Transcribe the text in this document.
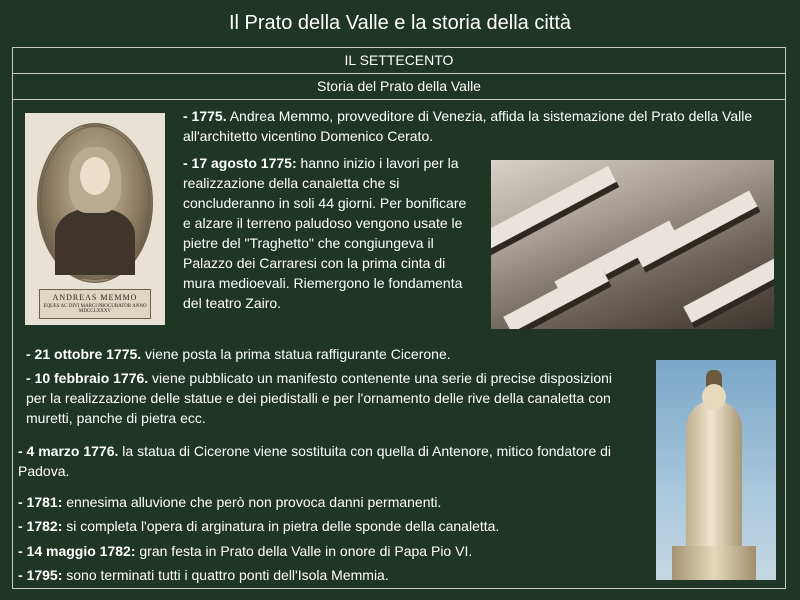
Il Prato della Valle e la storia della città
IL SETTECENTO
Storia del Prato della Valle
ANDREAS MEMMO
EQUES AC DIVI MARCI PROCURATOR ANNO MDCCLXXXV
- 1775. Andrea Memmo, provveditore di Venezia, affida la sistemazione del Prato della Valle all'architetto vicentino Domenico Cerato.
- 17 agosto 1775: hanno inizio i lavori per la realizzazione della canaletta che si concluderanno in soli 44 giorni. Per bonificare e alzare il terreno paludoso vengono usate le pietre del "Traghetto" che congiungeva il Palazzo dei Carraresi con la prima cinta di mura medioevali. Riemergono le fondamenta del teatro Zairo.
- 21 ottobre 1775. viene posta la prima statua raffigurante Cicerone.
- 10 febbraio 1776. viene pubblicato un manifesto contenente una serie di precise disposizioni per la realizzazione delle statue e dei piedistalli e per l'ornamento delle rive della canaletta con muretti, panche di pietra ecc.
- 4 marzo 1776. la statua di Cicerone viene sostituita con quella di Antenore, mitico fondatore di Padova.
- 1781: ennesima alluvione che però non provoca danni permanenti.
- 1782: si completa l'opera di arginatura in pietra delle sponde della canaletta.
- 14 maggio 1782: gran festa in Prato della Valle in onore di Papa Pio VI.
- 1795: sono terminati tutti i quattro ponti dell'Isola Memmia.
